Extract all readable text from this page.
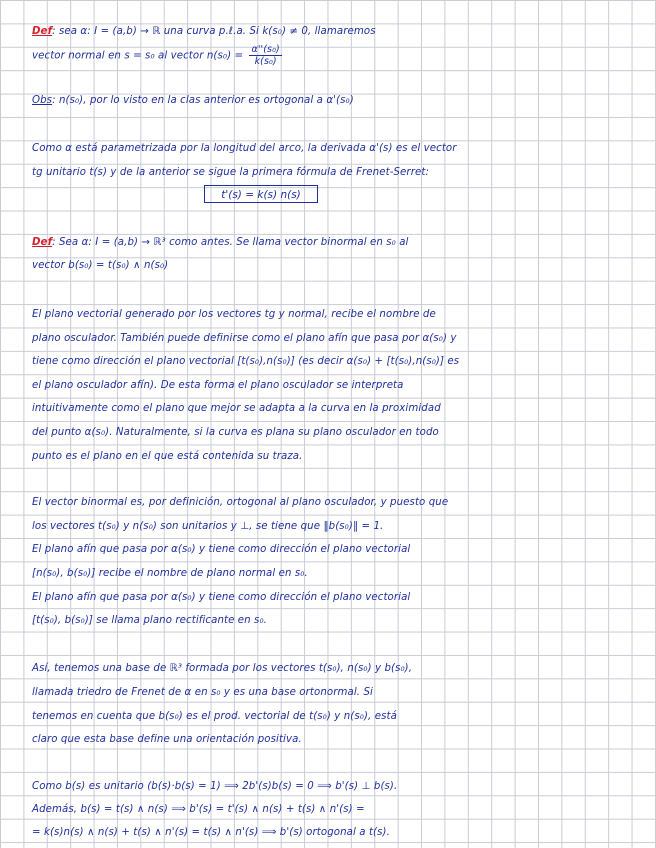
Def: sea α: I = (a,b) → ℝ una curva p.ℓ.a. Si k(s₀) ≠ 0, llamaremos
vector normal en s = s₀ al vector $n(s_0) = \frac{\text{α''(s₀)}}{\text{k(s₀)}}$
Obs: n(s₀), por lo visto en la clas anterior es ortogonal a α'(s₀)
Como α está parametrizada por la longitud del arco, la derivada α'(s) es el vector
tg unitario t(s) y de la anterior se sigue la primera fórmula de Frenet-Serret:
t'(s) = k(s) n(s)
Def: Sea α: I = (a,b) → ℝ³ como antes. Se llama vector binormal en s₀ al
vector b(s₀) = t(s₀) ∧ n(s₀)
El plano vectorial generado por los vectores tg y normal, recibe el nombre de
plano osculador. También puede definirse como el plano afín que pasa por α(s₀) y
tiene como dirección el plano vectorial [t(s₀),n(s₀)] (es decir α(s₀) + [t(s₀),n(s₀)] es
el plano osculador afín). De esta forma el plano osculador se interpreta
intuitivamente como el plano que mejor se adapta a la curva en la proximidad
del punto α(s₀). Naturalmente, si la curva es plana su plano osculador en todo
punto es el plano en el que está contenida su traza.
El vector binormal es, por definición, ortogonal al plano osculador, y puesto que
los vectores t(s₀) y n(s₀) son unitarios y ⊥, se tiene que ‖b(s₀)‖ = 1.
El plano afín que pasa por α(s₀) y tiene como dirección el plano vectorial
[n(s₀), b(s₀)] recibe el nombre de plano normal en s₀.
El plano afín que pasa por α(s₀) y tiene como dirección el plano vectorial
[t(s₀), b(s₀)] se llama plano rectificante en s₀.
Así, tenemos una base de ℝ³ formada por los vectores t(s₀), n(s₀) y b(s₀),
llamada triedro de Frenet de α en s₀ y es una base ortonormal. Si
tenemos en cuenta que b(s₀) es el prod. vectorial de t(s₀) y n(s₀), está
claro que esta base define una orientación positiva.
Como b(s) es unitario (b(s)·b(s) = 1) ⟹ 2b'(s)b(s) = 0 ⟹ b'(s) ⊥ b(s).
Además, b(s) = t(s) ∧ n(s) ⟹ b'(s) = t'(s) ∧ n(s) + t(s) ∧ n'(s) =
= k(s)n(s) ∧ n(s) + t(s) ∧ n'(s) = t(s) ∧ n'(s) ⟹ b'(s) ortogonal a t(s).
